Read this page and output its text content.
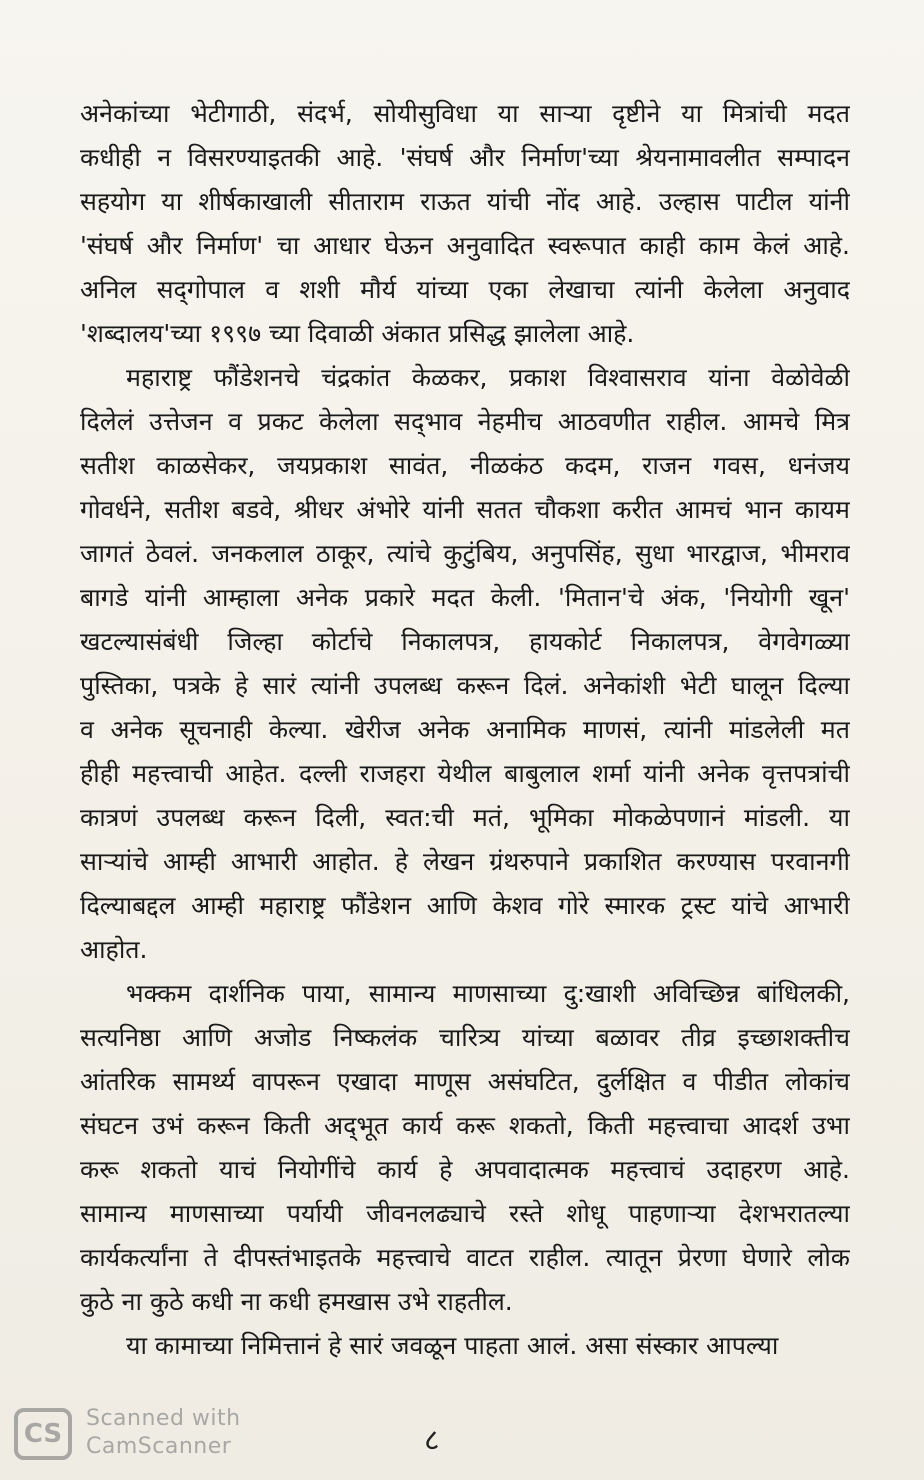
अनेकांच्या भेटीगाठी, संदर्भ, सोयीसुविधा या साऱ्या दृष्टीने या मित्रांची मदत
कधीही न विसरण्याइतकी आहे. 'संघर्ष और निर्माण'च्या श्रेयनामावलीत सम्पादन
सहयोग या शीर्षकाखाली सीताराम राऊत यांची नोंद आहे. उल्हास पाटील यांनी
'संघर्ष और निर्माण' चा आधार घेऊन अनुवादित स्वरूपात काही काम केलं आहे.
अनिल सद्‌गोपाल व शशी मौर्य यांच्या एका लेखाचा त्यांनी केलेला अनुवाद
'शब्दालय'च्या १९९७ च्या दिवाळी अंकात प्रसिद्ध झालेला आहे.
महाराष्ट्र फौंडेशनचे चंद्रकांत केळकर, प्रकाश विश्वासराव यांना वेळोवेळी
दिलेलं उत्तेजन व प्रकट केलेला सद्‌भाव नेहमीच आठवणीत राहील. आमचे मित्र
सतीश काळसेकर, जयप्रकाश सावंत, नीळकंठ कदम, राजन गवस, धनंजय
गोवर्धने, सतीश बडवे, श्रीधर अंभोरे यांनी सतत चौकशा करीत आमचं भान कायम
जागतं ठेवलं. जनकलाल ठाकूर, त्यांचे कुटुंबिय, अनुपसिंह, सुधा भारद्वाज, भीमराव
बागडे यांनी आम्हाला अनेक प्रकारे मदत केली. 'मितान'चे अंक, 'नियोगी खून'
खटल्यासंबंधी जिल्हा कोर्टाचे निकालपत्र, हायकोर्ट निकालपत्र, वेगवेगळ्या
पुस्तिका, पत्रके हे सारं त्यांनी उपलब्ध करून दिलं. अनेकांशी भेटी घालून दिल्या
व अनेक सूचनाही केल्या. खेरीज अनेक अनामिक माणसं, त्यांनी मांडलेली मत
हीही महत्त्वाची आहेत. दल्ली राजहरा येथील बाबुलाल शर्मा यांनी अनेक वृत्तपत्रांची
कात्रणं उपलब्ध करून दिली, स्वत:ची मतं, भूमिका मोकळेपणानं मांडली. या
साऱ्यांचे आम्ही आभारी आहोत. हे लेखन ग्रंथरुपाने प्रकाशित करण्यास परवानगी
दिल्याबद्दल आम्ही महाराष्ट्र फौंडेशन आणि केशव गोरे स्मारक ट्रस्ट यांचे आभारी
आहोत.
भक्कम दार्शनिक पाया, सामान्य माणसाच्या दु:खाशी अविच्छिन्न बांधिलकी,
सत्यनिष्ठा आणि अजोड निष्कलंक चारित्र्य यांच्या बळावर तीव्र इच्छाशक्तीच
आंतरिक सामर्थ्य वापरून एखादा माणूस असंघटित, दुर्लक्षित व पीडीत लोकांच
संघटन उभं करून किती अद्‌भूत कार्य करू शकतो, किती महत्त्वाचा आदर्श उभा
करू शकतो याचं नियोगींचे कार्य हे अपवादात्मक महत्त्वाचं उदाहरण आहे.
सामान्य माणसाच्या पर्यायी जीवनलढ्याचे रस्ते शोधू पाहणाऱ्या देशभरातल्या
कार्यकर्त्यांना ते दीपस्तंभाइतके महत्त्वाचे वाटत राहील. त्यातून प्रेरणा घेणारे लोक
कुठे ना कुठे कधी ना कधी हमखास उभे राहतील.
या कामाच्या निमित्तानं हे सारं जवळून पाहता आलं. असा संस्कार आपल्या
८
CS
Scanned with
CamScanner
